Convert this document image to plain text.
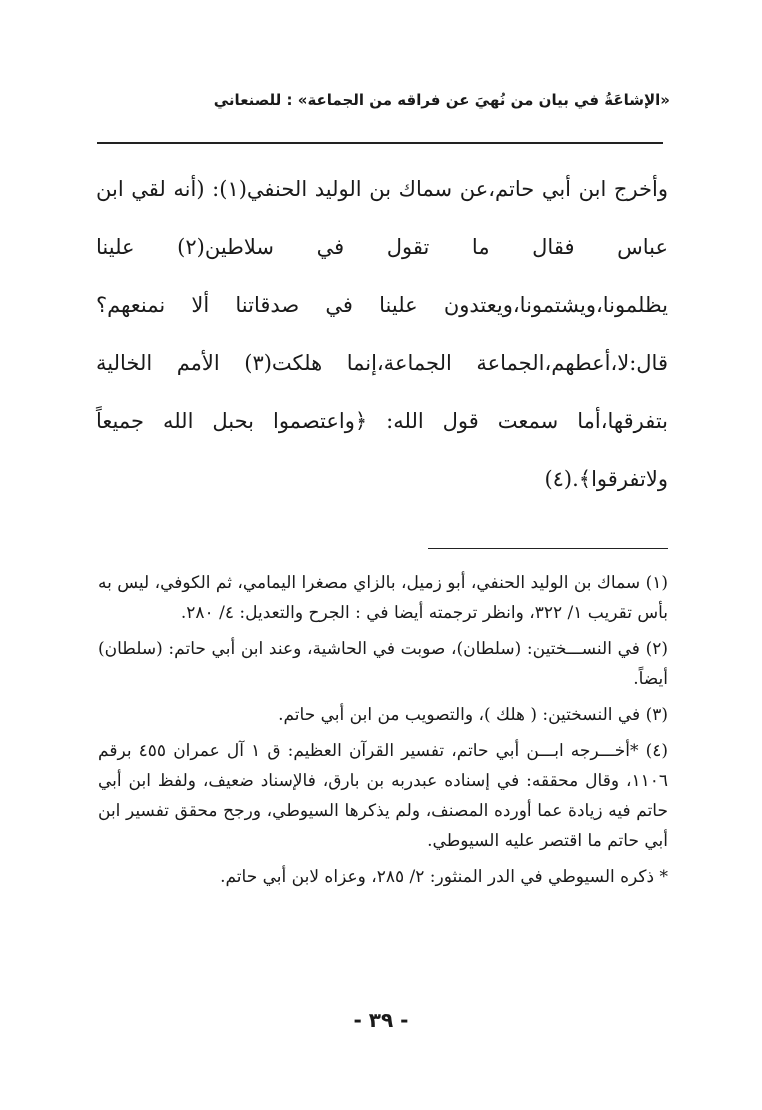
«الإشاعَةُ في بيان من نُهيَ عن فراقه من الجماعة» : للصنعاني

وأخرج ابن أبي حاتم،عن سماك بن الوليد الحنفي(١): (أنه لقي ابن عباس فقال ما تقول في سلاطين(٢) علينا يظلمونا،ويشتمونا،ويعتدون علينا في صدقاتنا ألا نمنعهم؟ قال:لا،أعطهم،الجماعة الجماعة،إنما هلكت(٣) الأمم الخالية بتفرقها،أما سمعت قول الله: ﴿واعتصموا بحبل الله جميعاً ولاتفرقوا﴾.(٤)

(١) سماك بن الوليد الحنفي، أبو زميل، بالزاي مصغرا اليمامي، ثم الكوفي، ليس به بأس تقريب ١/ ٣٢٢، وانظر ترجمته أيضا في : الجرح والتعديل: ٤/ ٢٨٠.

(٢) في النســـختين: (سلطان)، صوبت في الحاشية، وعند ابن أبي حاتم: (سلطان) أيضاً.

(٣) في النسختين: ( هلك )، والتصويب من ابن أبي حاتم.

(٤) *أخـــرجه ابـــن أبي حاتم، تفسير القرآن العظيم: ق ١ آل عمران ٤٥٥ برقم ١١٠٦، وقال محققه: في إسناده عبدربه بن بارق، فالإسناد ضعيف، ولفظ ابن أبي حاتم فيه زيادة عما أورده المصنف، ولم يذكرها السيوطي، ورجح محقق تفسير ابن أبي حاتم ما اقتصر عليه السيوطي.

* ذكره السيوطي في الدر المنثور: ٢/ ٢٨٥، وعزاه لابن أبي حاتم.

- ٣٩ -
